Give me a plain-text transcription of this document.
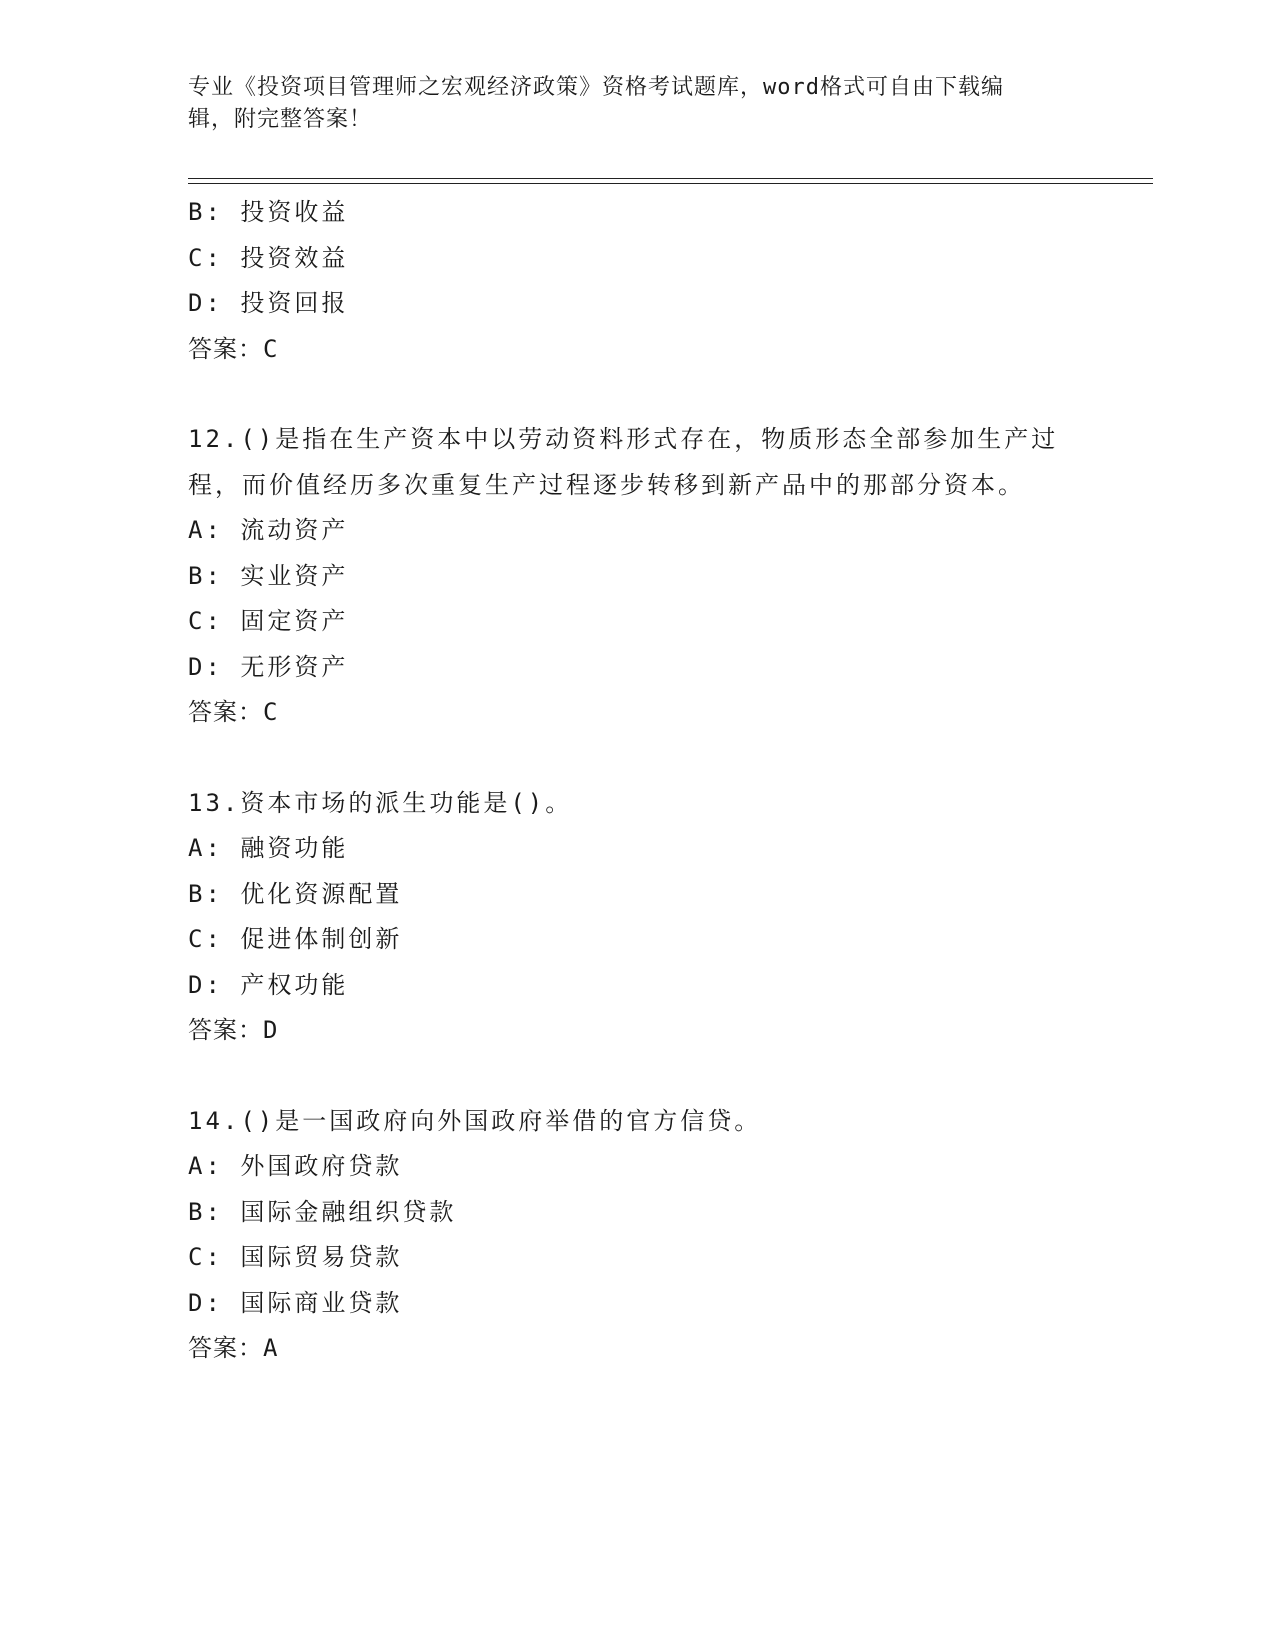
专业《投资项目管理师之宏观经济政策》资格考试题库，word格式可自由下载编
辑，附完整答案！
B: 投资收益
C: 投资效益
D: 投资回报
答案：C
12.()是指在生产资本中以劳动资料形式存在，物质形态全部参加生产过程，而价值经历多次重复生产过程逐步转移到新产品中的那部分资本。
A: 流动资产
B: 实业资产
C: 固定资产
D: 无形资产
答案：C
13.资本市场的派生功能是()。
A: 融资功能
B: 优化资源配置
C: 促进体制创新
D: 产权功能
答案：D
14.()是一国政府向外国政府举借的官方信贷。
A: 外国政府贷款
B: 国际金融组织贷款
C: 国际贸易贷款
D: 国际商业贷款
答案：A
